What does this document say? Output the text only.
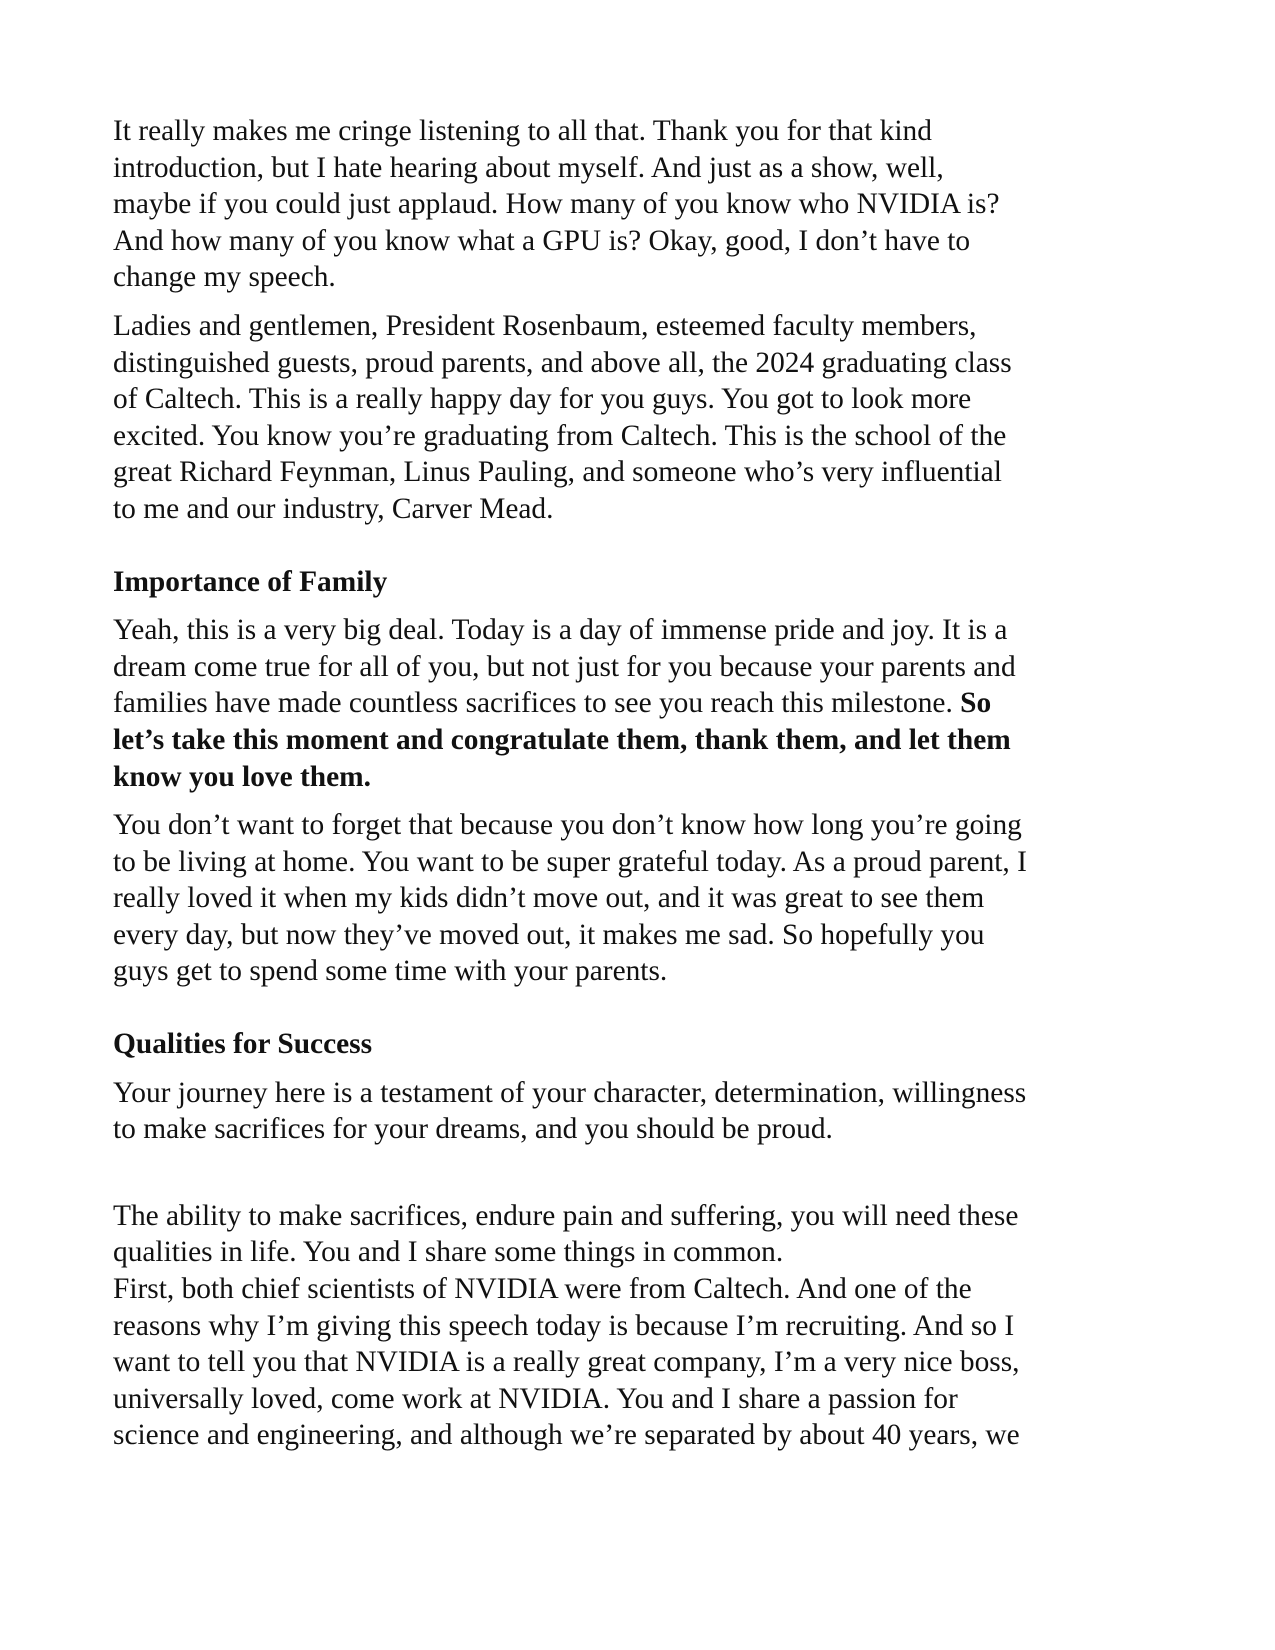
It really makes me cringe listening to all that. Thank you for that kind
introduction, but I hate hearing about myself. And just as a show, well,
maybe if you could just applaud. How many of you know who NVIDIA is?
And how many of you know what a GPU is? Okay, good, I don’t have to
change my speech.
Ladies and gentlemen, President Rosenbaum, esteemed faculty members,
distinguished guests, proud parents, and above all, the 2024 graduating class
of Caltech. This is a really happy day for you guys. You got to look more
excited. You know you’re graduating from Caltech. This is the school of the
great Richard Feynman, Linus Pauling, and someone who’s very influential
to me and our industry, Carver Mead.
Importance of Family
Yeah, this is a very big deal. Today is a day of immense pride and joy. It is a
dream come true for all of you, but not just for you because your parents and
families have made countless sacrifices to see you reach this milestone. So
let’s take this moment and congratulate them, thank them, and let them
know you love them.
You don’t want to forget that because you don’t know how long you’re going
to be living at home. You want to be super grateful today. As a proud parent, I
really loved it when my kids didn’t move out, and it was great to see them
every day, but now they’ve moved out, it makes me sad. So hopefully you
guys get to spend some time with your parents.
Qualities for Success
Your journey here is a testament of your character, determination, willingness
to make sacrifices for your dreams, and you should be proud.
The ability to make sacrifices, endure pain and suffering, you will need these
qualities in life. You and I share some things in common.
First, both chief scientists of NVIDIA were from Caltech. And one of the
reasons why I’m giving this speech today is because I’m recruiting. And so I
want to tell you that NVIDIA is a really great company, I’m a very nice boss,
universally loved, come work at NVIDIA. You and I share a passion for
science and engineering, and although we’re separated by about 40 years, we
